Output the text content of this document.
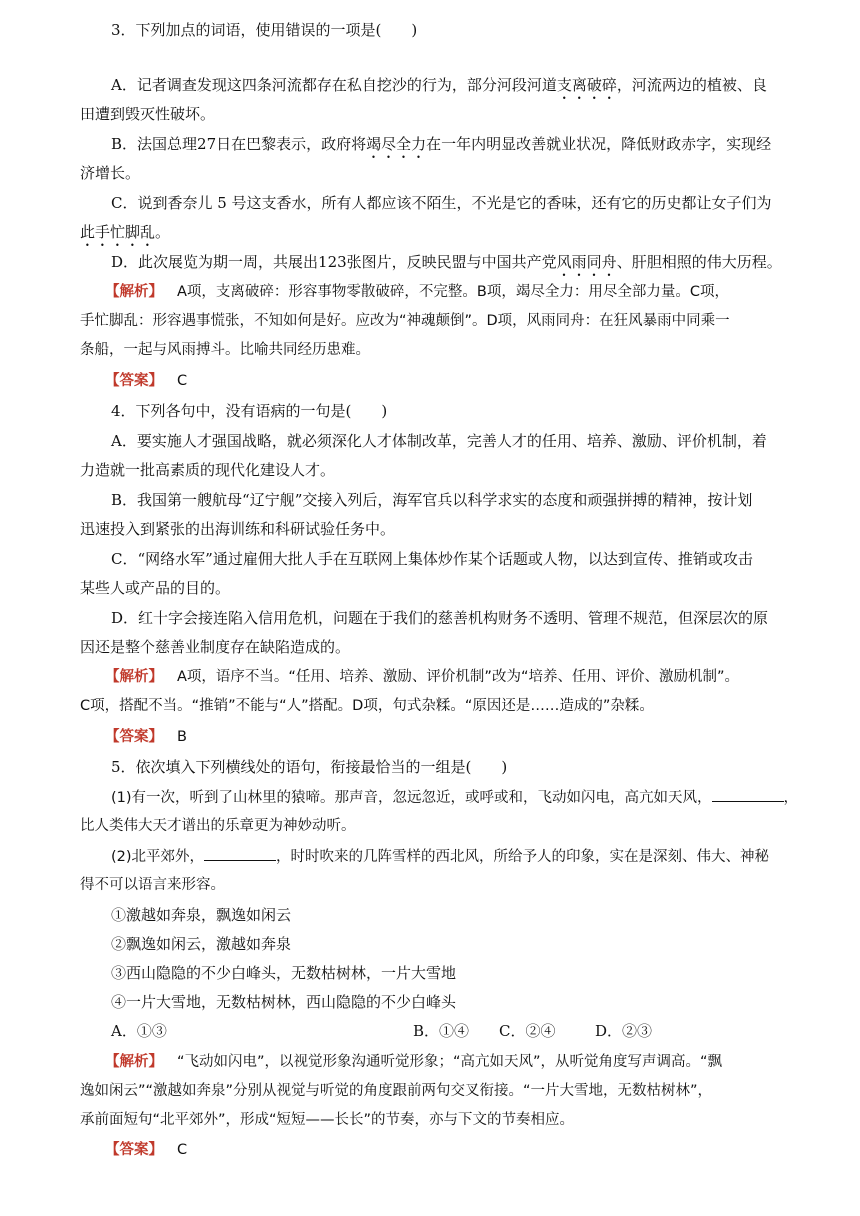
3．下列加点的词语，使用错误的一项是(　　)
A．记者调查发现这四条河流都存在私自挖沙的行为，部分河段河道支离破碎，河流两边的植被、良
田遭到毁灭性破坏。
B．法国总理27日在巴黎表示，政府将竭尽全力在一年内明显改善就业状况，降低财政赤字，实现经
济增长。
C．说到香奈儿 5 号这支香水，所有人都应该不陌生，不光是它的香味，还有它的历史都让女子们为
此手忙脚乱。
D．此次展览为期一周，共展出123张图片，反映民盟与中国共产党风雨同舟、肝胆相照的伟大历程。
【解析】 A项，支离破碎：形容事物零散破碎，不完整。B项，竭尽全力：用尽全部力量。C项，
手忙脚乱：形容遇事慌张，不知如何是好。应改为“神魂颠倒”。D项，风雨同舟：在狂风暴雨中同乘一
条船，一起与风雨搏斗。比喻共同经历患难。
【答案】 C
4．下列各句中，没有语病的一句是(　　)
A．要实施人才强国战略，就必须深化人才体制改革，完善人才的任用、培养、激励、评价机制，着
力造就一批高素质的现代化建设人才。
B．我国第一艘航母“辽宁舰”交接入列后，海军官兵以科学求实的态度和顽强拼搏的精神，按计划
迅速投入到紧张的出海训练和科研试验任务中。
C．“网络水军”通过雇佣大批人手在互联网上集体炒作某个话题或人物，以达到宣传、推销或攻击
某些人或产品的目的。
D．红十字会接连陷入信用危机，问题在于我们的慈善机构财务不透明、管理不规范，但深层次的原
因还是整个慈善业制度存在缺陷造成的。
【解析】 A项，语序不当。“任用、培养、激励、评价机制”改为“培养、任用、评价、激励机制”。
C项，搭配不当。“推销”不能与“人”搭配。D项，句式杂糅。“原因还是……造成的”杂糅。
【答案】 B
5．依次填入下列横线处的语句，衔接最恰当的一组是(　　)
(1)有一次，听到了山林里的猿啼。那声音，忽远忽近，或呼或和，飞动如闪电，高亢如天风，	，
比人类伟大天才谱出的乐章更为神妙动听。
(2)北平郊外，	，时时吹来的几阵雪样的西北风，所给予人的印象，实在是深刻、伟大、神秘
得不可以语言来形容。
①激越如奔泉，飘逸如闲云
②飘逸如闲云，激越如奔泉
③西山隐隐的不少白峰头，无数枯树林，一片大雪地
④一片大雪地，无数枯树林，西山隐隐的不少白峰头
A．①③	B．①④ C．②④	D．②③
【解析】 “飞动如闪电”，以视觉形象沟通听觉形象；“高亢如天风”，从听觉角度写声调高。“飘
逸如闲云”“激越如奔泉”分别从视觉与听觉的角度跟前两句交叉衔接。“一片大雪地，无数枯树林”，
承前面短句“北平郊外”，形成“短短——长长”的节奏，亦与下文的节奏相应。
【答案】 C
